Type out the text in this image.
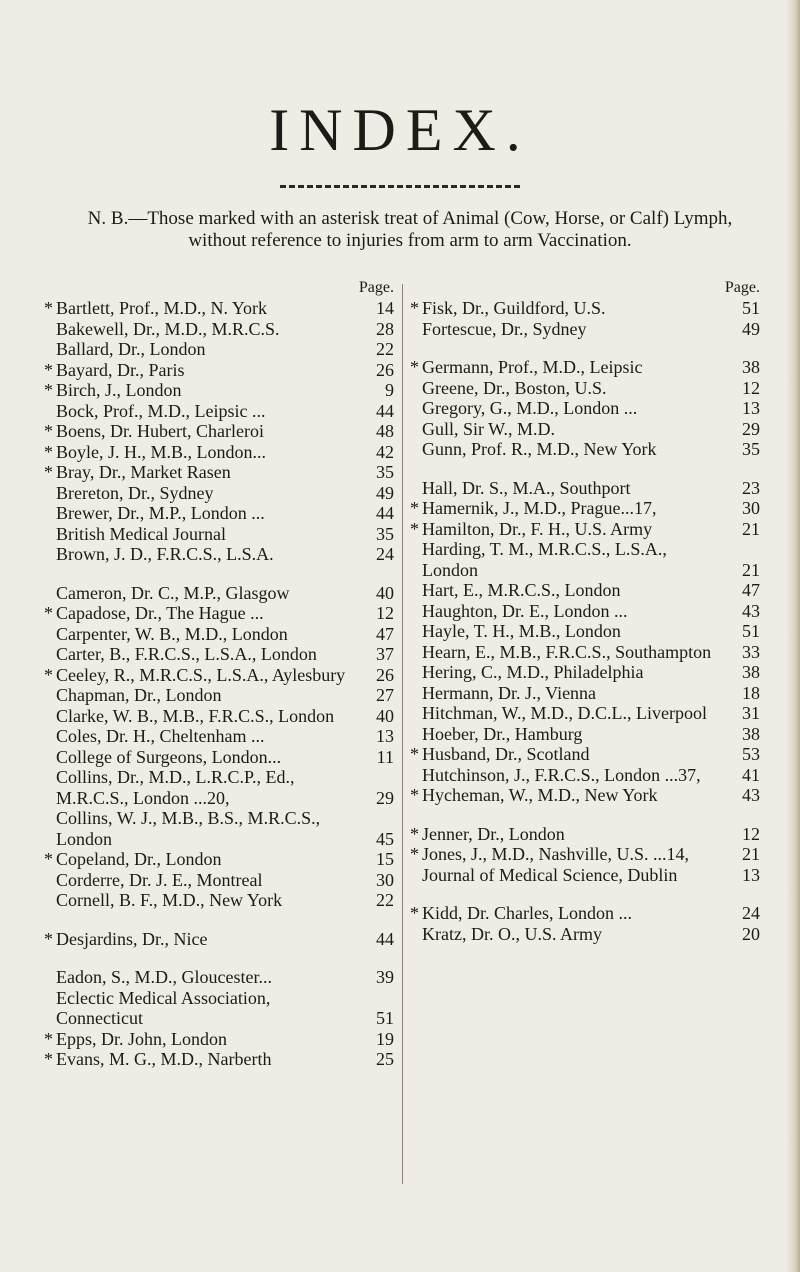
INDEX.
N. B.—Those marked with an asterisk treat of Animal (Cow, Horse, or Calf) Lymph, without reference to injuries from arm to arm Vaccination.
Page.
* Bartlett, Prof., M.D., N. York	14
Bakewell, Dr., M.D., M.R.C.S.	28
Ballard, Dr., London	22
* Bayard, Dr., Paris	26
* Birch, J., London	9
Bock, Prof., M.D., Leipsic ...	44
* Boens, Dr. Hubert, Charleroi	48
* Boyle, J. H., M.B., London...	42
* Bray, Dr., Market Rasen	35
Brereton, Dr., Sydney	49
Brewer, Dr., M.P., London ...	44
British Medical Journal	35
Brown, J. D., F.R.C.S., L.S.A.	24
Cameron, Dr. C., M.P., Glasgow	40
* Capadose, Dr., The Hague ...	12
Carpenter, W. B., M.D., London	47
Carter, B., F.R.C.S., L.S.A., London	37
* Ceeley, R., M.R.C.S., L.S.A., Aylesbury 26
Chapman, Dr., London	27
Clarke, W. B., M.B., F.R.C.S., London 40
Coles, Dr. H., Cheltenham ...	13
College of Surgeons, London...	11
Collins, Dr., M.D., L.R.C.P., Ed., M.R.C.S., London ...20,	29
Collins, W. J., M.B., B.S., M.R.C.S., London	45
* Copeland, Dr., London	15
Corderre, Dr. J. E., Montreal	30
Cornell, B. F., M.D., New York	22
* Desjardins, Dr., Nice	44
Eadon, S., M.D., Gloucester...	39
Eclectic Medical Association, Connecticut	51
* Epps, Dr. John, London	19
* Evans, M. G., M.D., Narberth	25
Page.
* Fisk, Dr., Guildford, U.S.	51
Fortescue, Dr., Sydney	49
* Germann, Prof., M.D., Leipsic	38
Greene, Dr., Boston, U.S.	12
Gregory, G., M.D., London ...	13
Gull, Sir W., M.D.	29
Gunn, Prof. R., M.D., New York	35
Hall, Dr. S., M.A., Southport	23
* Hamernik, J., M.D., Prague...17,	30
* Hamilton, Dr., F. H., U.S. Army	21
Harding, T. M., M.R.C.S., L.S.A., London	21
Hart, E., M.R.C.S., London	47
Haughton, Dr. E., London ...	43
Hayle, T. H., M.B., London	51
Hearn, E., M.B., F.R.C.S., Southampton 33
Hering, C., M.D., Philadelphia	38
Hermann, Dr. J., Vienna	18
Hitchman, W., M.D., D.C.L., Liverpool 31
Hoeber, Dr., Hamburg	38
* Husband, Dr., Scotland	53
Hutchinson, J., F.R.C.S., London ...37, 41
* Hycheman, W., M.D., New York	43
* Jenner, Dr., London	12
* Jones, J., M.D., Nashville, U.S. ...14,	21
Journal of Medical Science, Dublin	13
* Kidd, Dr. Charles, London ...	24
Kratz, Dr. O., U.S. Army	20
